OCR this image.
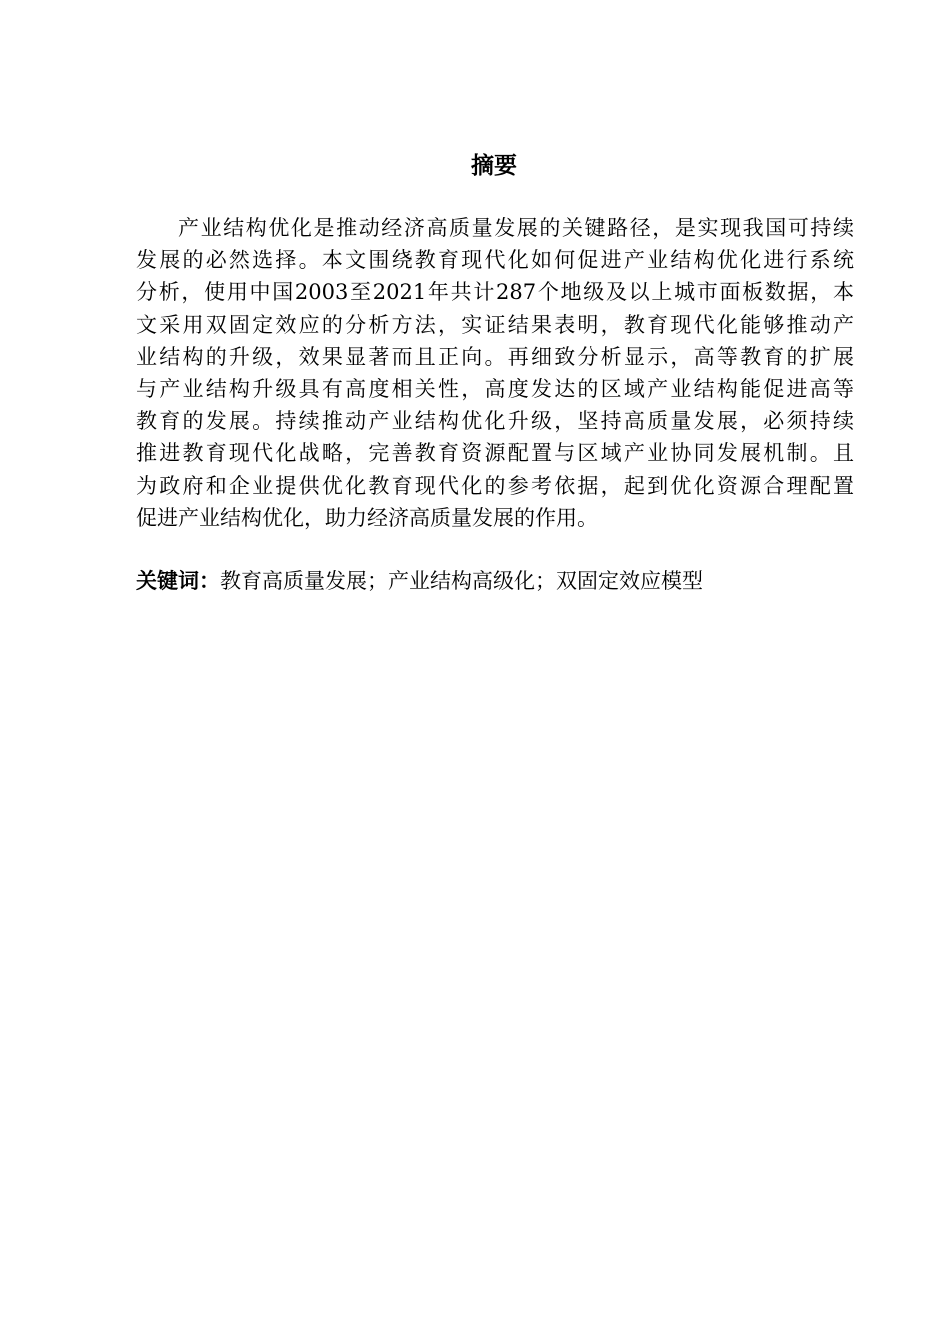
摘要
产业结构优化是推动经济高质量发展的关键路径，是实现我国可持续
发展的必然选择。本文围绕教育现代化如何促进产业结构优化进行系统
分析，使用中国2003至2021年共计287个地级及以上城市面板数据，本
文采用双固定效应的分析方法，实证结果表明，教育现代化能够推动产
业结构的升级，效果显著而且正向。再细致分析显示，高等教育的扩展
与产业结构升级具有高度相关性，高度发达的区域产业结构能促进高等
教育的发展。持续推动产业结构优化升级，坚持高质量发展，必须持续
推进教育现代化战略，完善教育资源配置与区域产业协同发展机制。且
为政府和企业提供优化教育现代化的参考依据，起到优化资源合理配置
促进产业结构优化，助力经济高质量发展的作用。
关键词：教育高质量发展；产业结构高级化；双固定效应模型
